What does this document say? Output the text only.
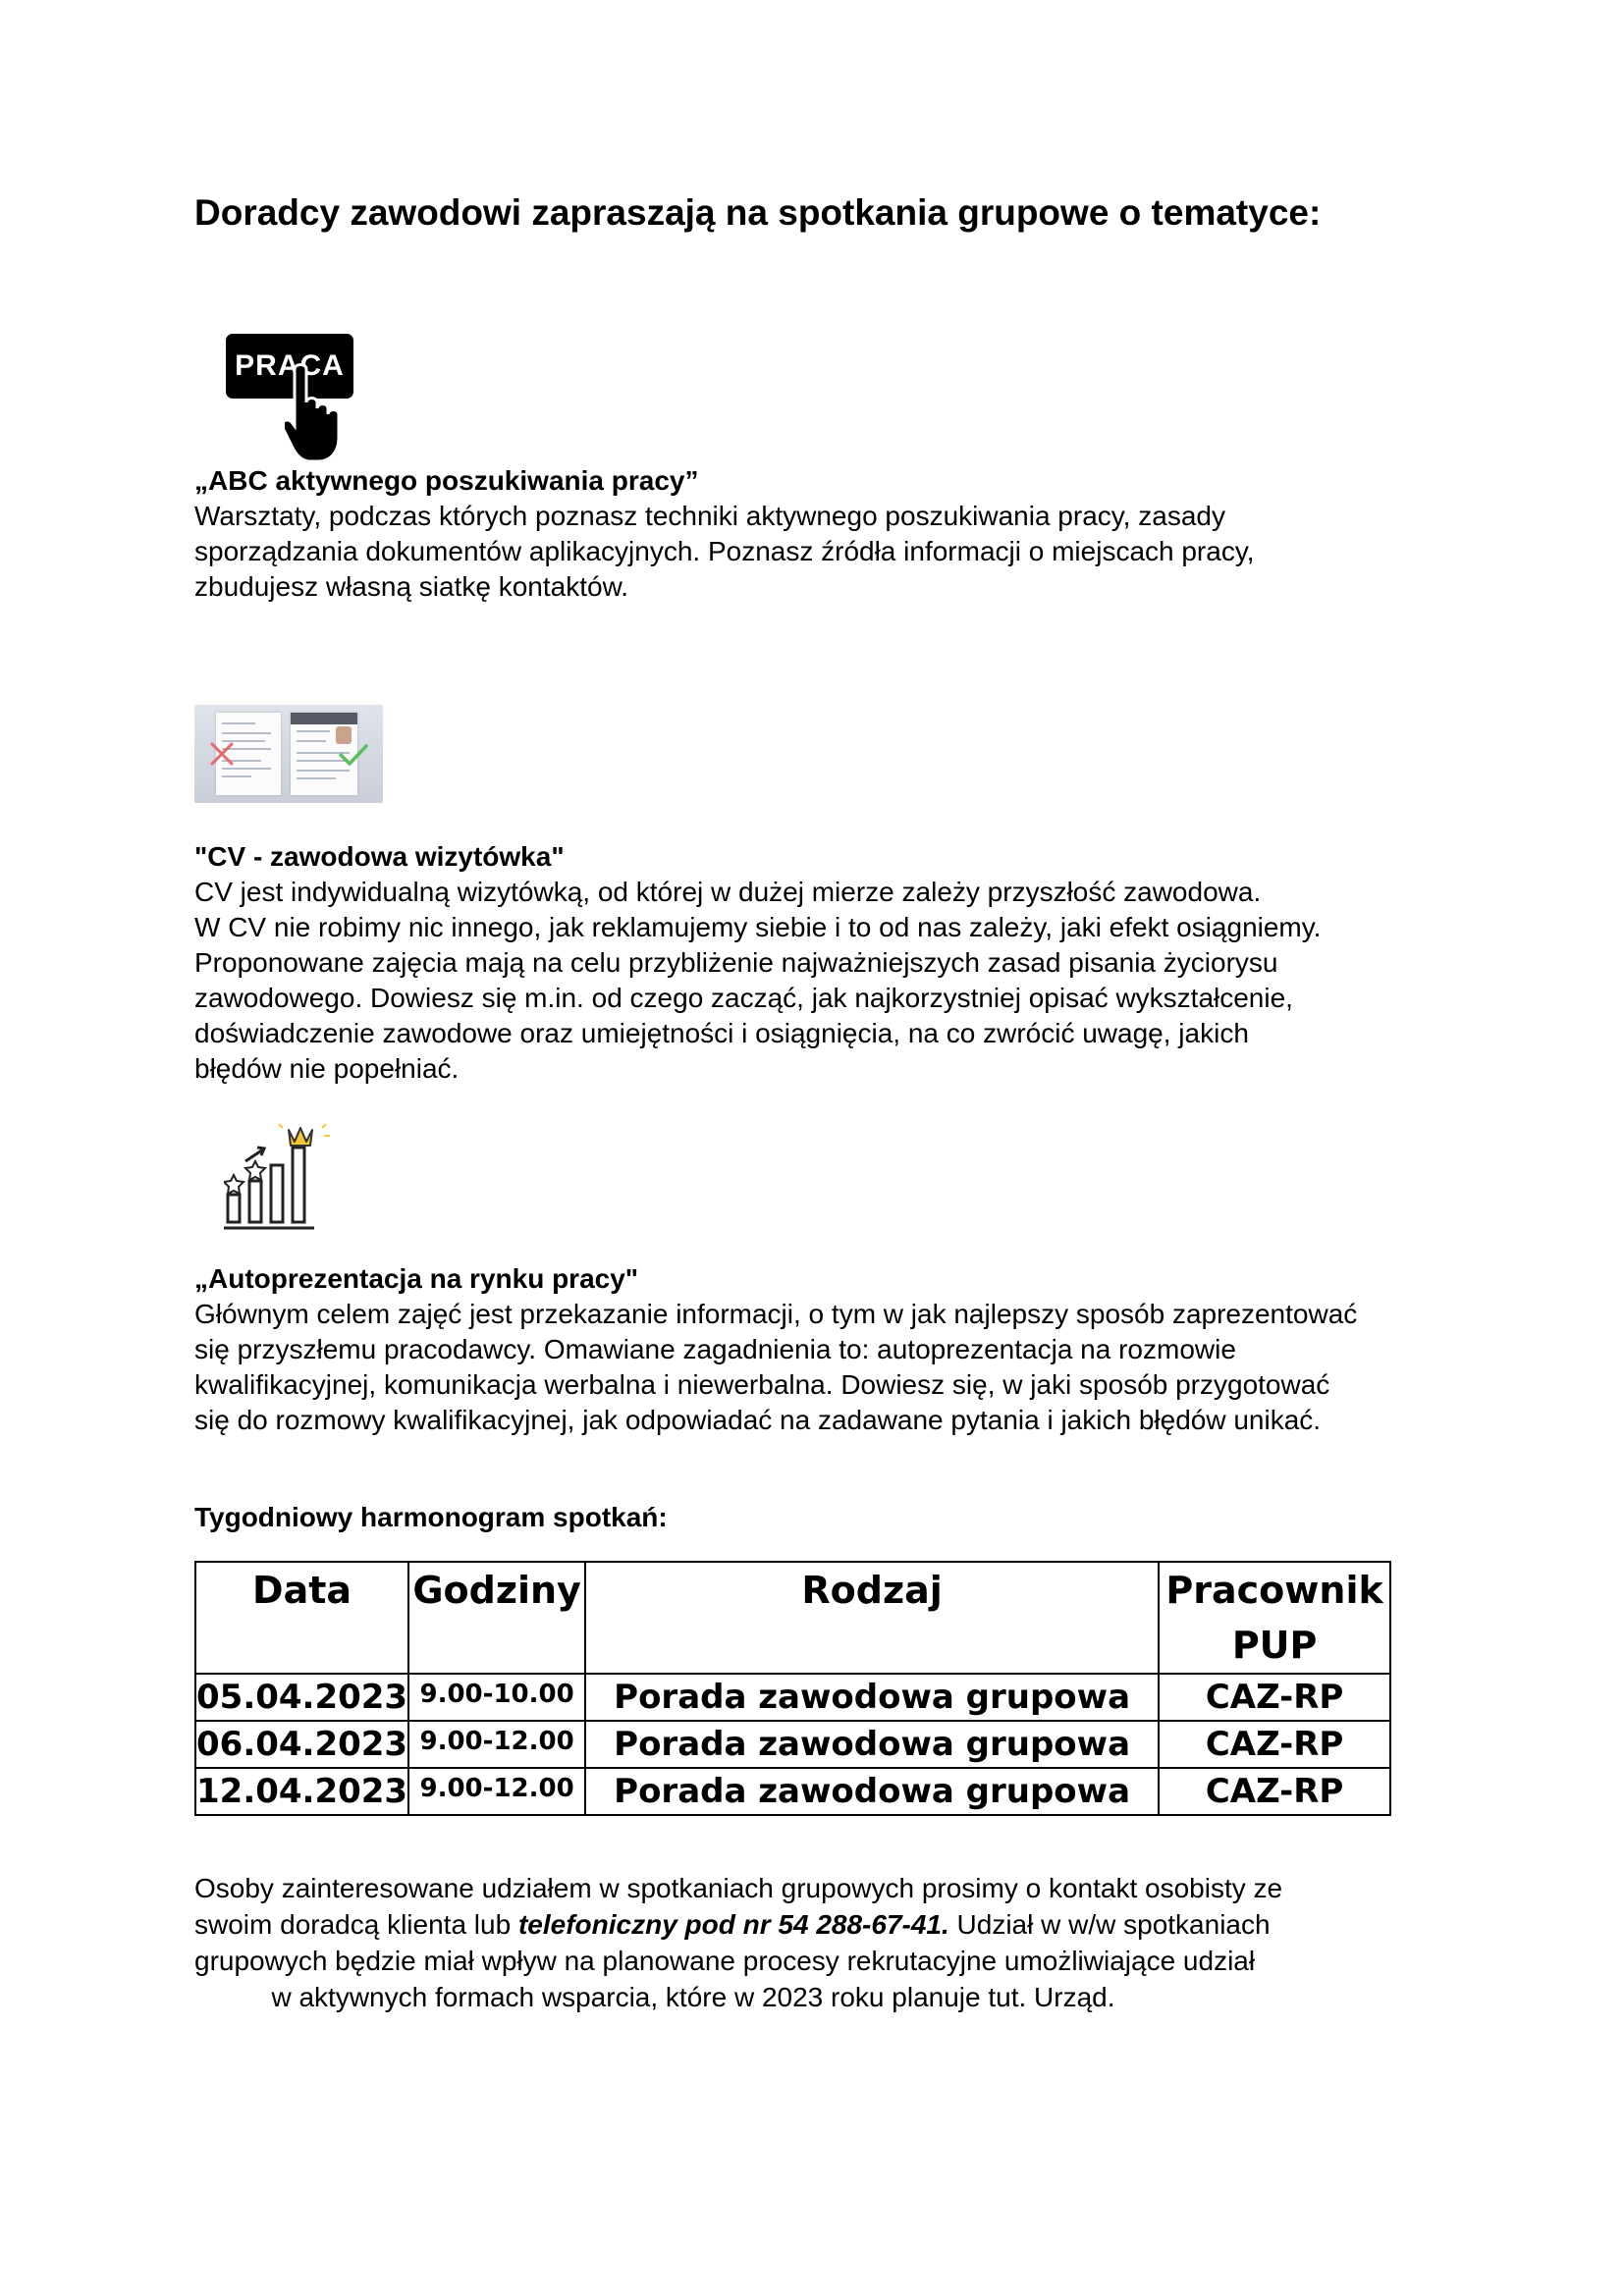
Doradcy zawodowi zapraszają na spotkania grupowe o tematyce:
PRACA
„ABC aktywnego poszukiwania pracy”
Warsztaty, podczas których poznasz techniki aktywnego poszukiwania pracy, zasady
sporządzania dokumentów aplikacyjnych. Poznasz źródła informacji o miejscach pracy,
zbudujesz własną siatkę kontaktów.
"CV - zawodowa wizytówka"
CV jest indywidualną wizytówką, od której w dużej mierze zależy przyszłość zawodowa.
W CV nie robimy nic innego, jak reklamujemy siebie i to od nas zależy, jaki efekt osiągniemy.
Proponowane zajęcia mają na celu przybliżenie najważniejszych zasad pisania życiorysu
zawodowego. Dowiesz się m.in. od czego zacząć, jak najkorzystniej opisać wykształcenie,
doświadczenie zawodowe oraz umiejętności i osiągnięcia, na co zwrócić uwagę, jakich
błędów nie popełniać.
„Autoprezentacja na rynku pracy"
Głównym celem zajęć jest przekazanie informacji, o tym w jak najlepszy sposób zaprezentować
się przyszłemu pracodawcy. Omawiane zagadnienia to: autoprezentacja na rozmowie
kwalifikacyjnej, komunikacja werbalna i niewerbalna. Dowiesz się, w jaki sposób przygotować
się do rozmowy kwalifikacyjnej, jak odpowiadać na zadawane pytania i jakich błędów unikać.
Tygodniowy harmonogram spotkań:
Data	Godziny	Rodzaj	Pracownik PUP
05.04.2023	9.00-10.00	Porada zawodowa grupowa	CAZ-RP
06.04.2023	9.00-12.00	Porada zawodowa grupowa	CAZ-RP
12.04.2023	9.00-12.00	Porada zawodowa grupowa	CAZ-RP
Osoby zainteresowane udziałem w spotkaniach grupowych prosimy o kontakt osobisty ze
swoim doradcą klienta lub telefoniczny pod nr 54 288-67-41. Udział w w/w spotkaniach
grupowych będzie miał wpływ na planowane procesy rekrutacyjne umożliwiające udział
w aktywnych formach wsparcia, które w 2023 roku planuje tut. Urząd.
